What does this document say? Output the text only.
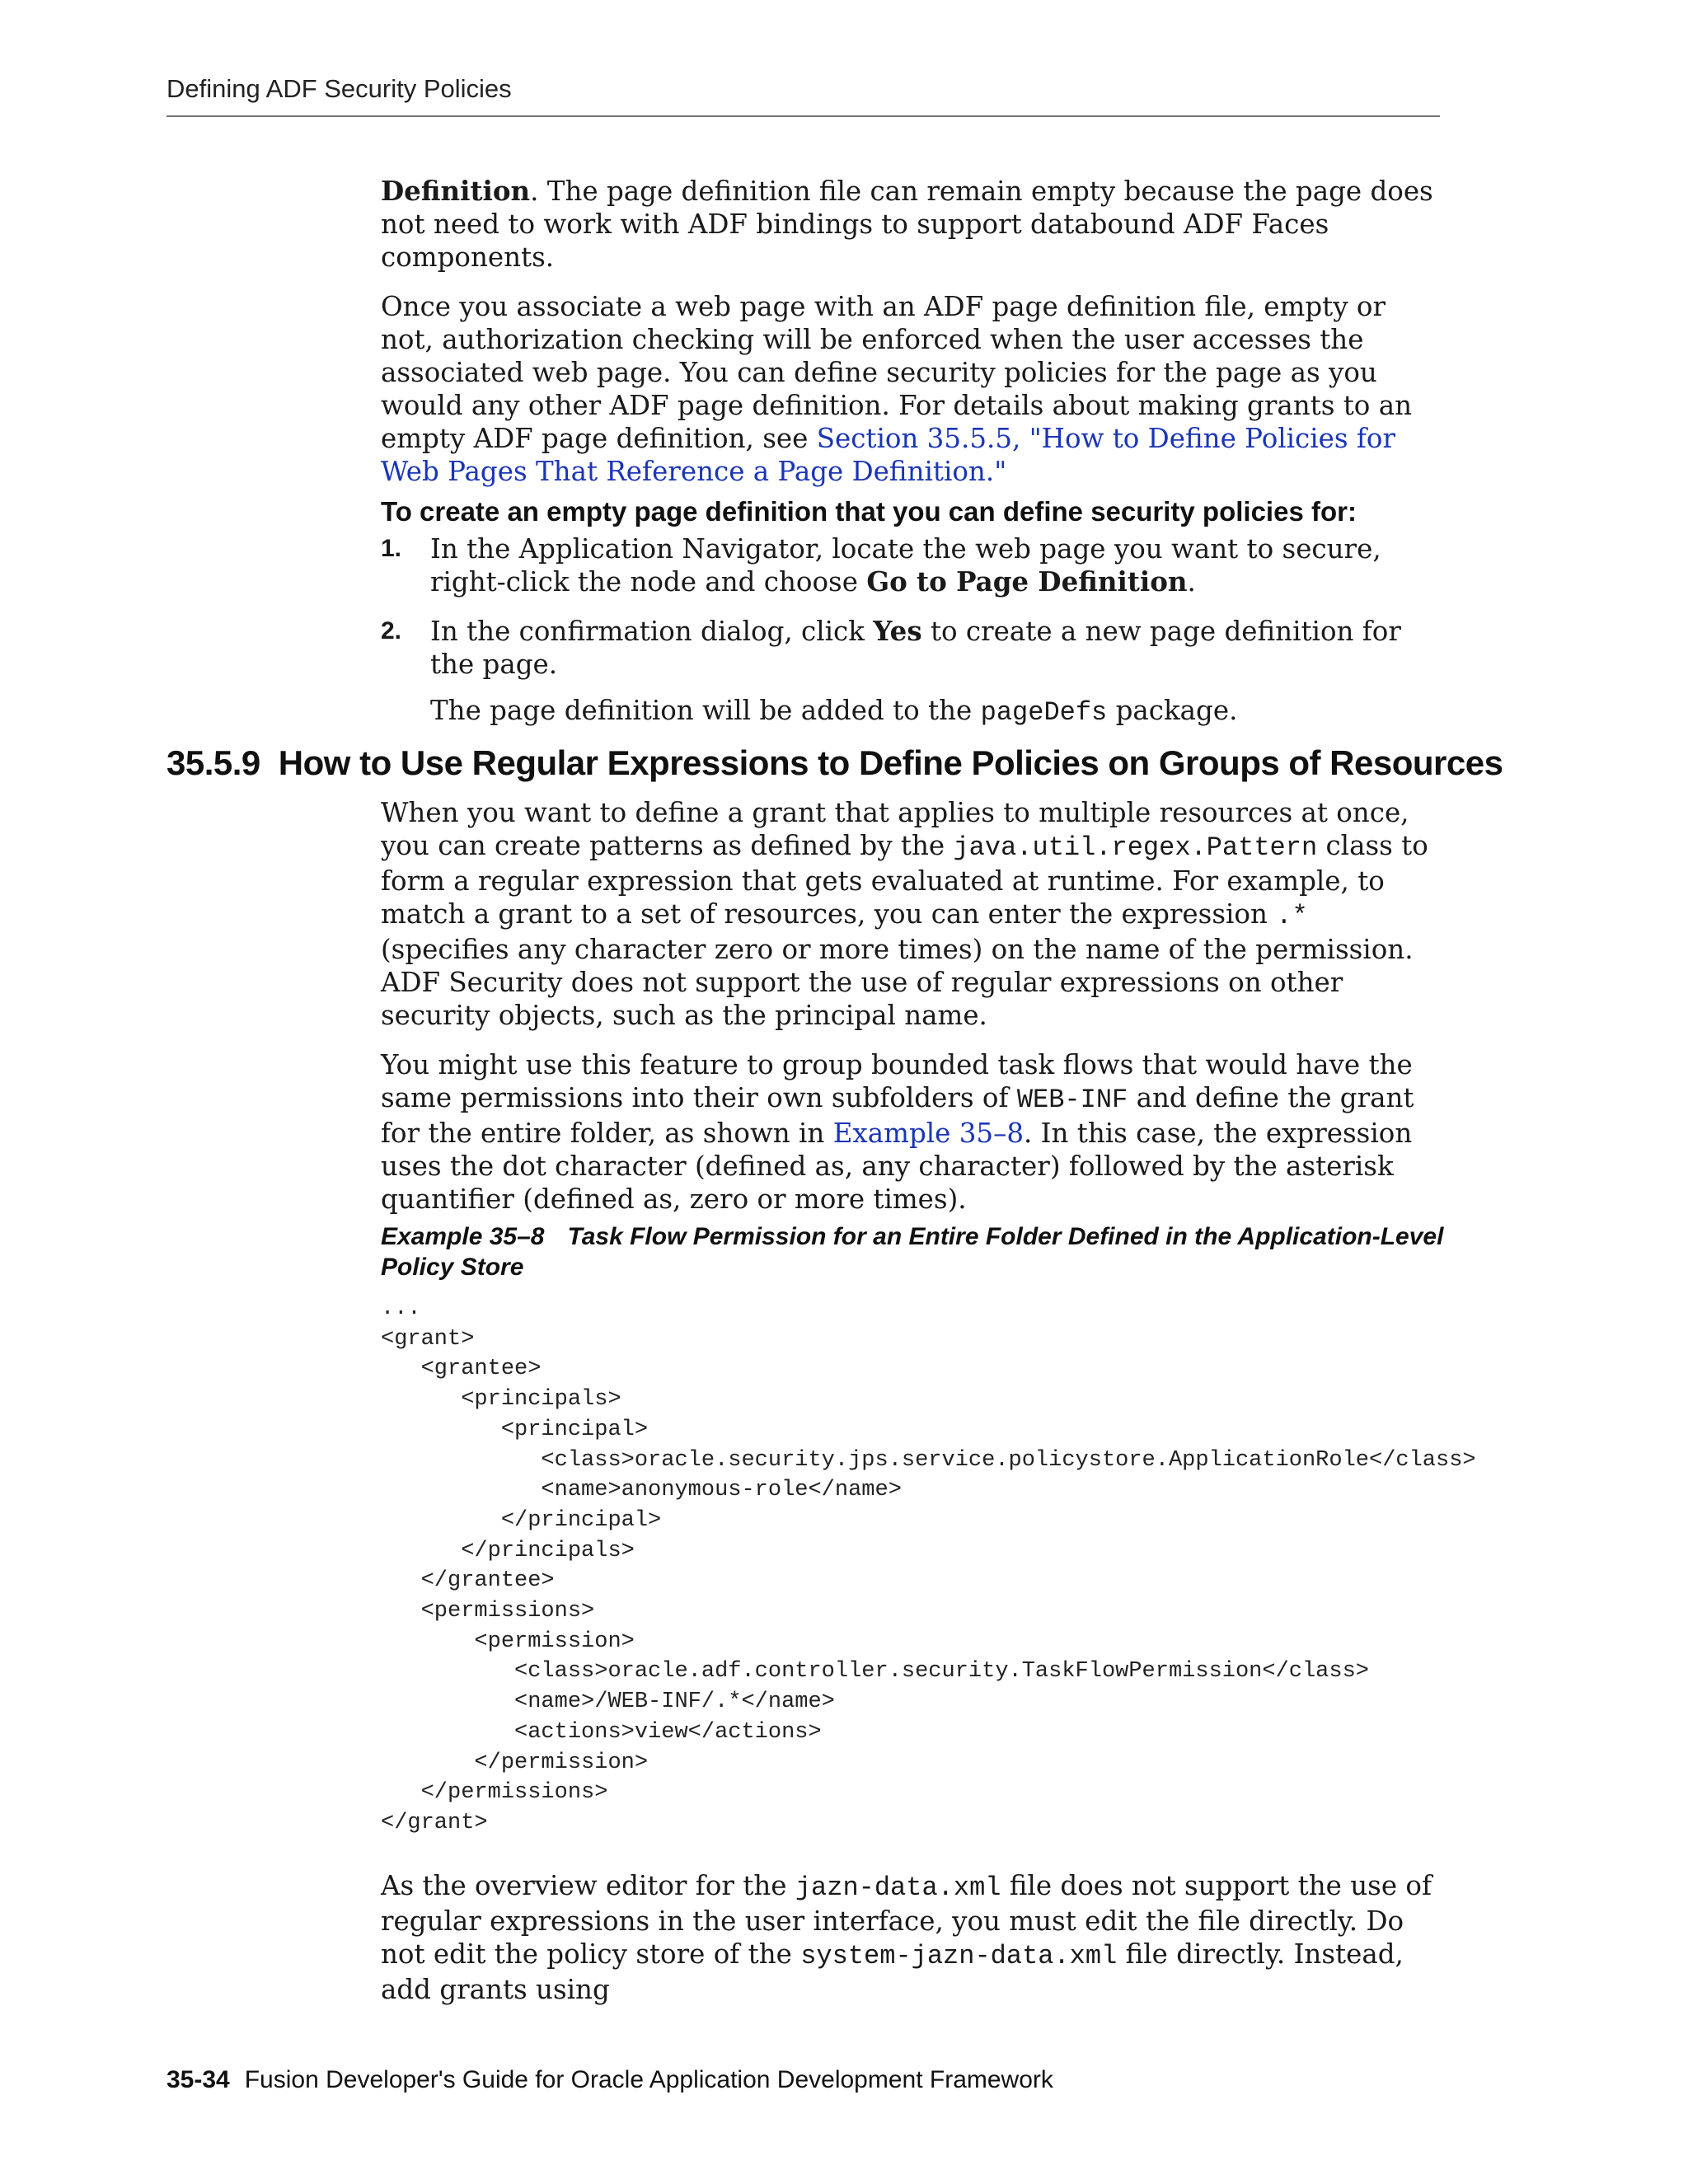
Defining ADF Security Policies

Definition. The page definition file can remain empty because the page does not need to work with ADF bindings to support databound ADF Faces components.

Once you associate a web page with an ADF page definition file, empty or not, authorization checking will be enforced when the user accesses the associated web page. You can define security policies for the page as you would any other ADF page definition. For details about making grants to an empty ADF page definition, see Section 35.5.5, "How to Define Policies for Web Pages That Reference a Page Definition."

To create an empty page definition that you can define security policies for:
1. In the Application Navigator, locate the web page you want to secure, right-click the node and choose Go to Page Definition.
2. In the confirmation dialog, click Yes to create a new page definition for the page.
The page definition will be added to the pageDefs package.
35.5.9 How to Use Regular Expressions to Define Policies on Groups of Resources

When you want to define a grant that applies to multiple resources at once, you can create patterns as defined by the java.util.regex.Pattern class to form a regular expression that gets evaluated at runtime. For example, to match a grant to a set of resources, you can enter the expression .* (specifies any character zero or more times) on the name of the permission. ADF Security does not support the use of regular expressions on other security objects, such as the principal name.

You might use this feature to group bounded task flows that would have the same permissions into their own subfolders of WEB-INF and define the grant for the entire folder, as shown in Example 35–8. In this case, the expression uses the dot character (defined as, any character) followed by the asterisk quantifier (defined as, zero or more times).

Example 35–8 Task Flow Permission for an Entire Folder Defined in the Application-Level Policy Store
...
<grant>
<grantee>
<principals>
<principal>
<class>oracle.security.jps.service.policystore.ApplicationRole</class>
<name>anonymous-role</name>
</principal>
</principals>
</grantee>
<permissions>
<permission>
<class>oracle.adf.controller.security.TaskFlowPermission</class>
<name>/WEB-INF/.*</name>
<actions>view</actions>
</permission>
</permissions>
</grant>

As the overview editor for the jazn-data.xml file does not support the use of regular expressions in the user interface, you must edit the file directly. Do not edit the policy store of the system-jazn-data.xml file directly. Instead, add grants using

35-34 Fusion Developer's Guide for Oracle Application Development Framework
